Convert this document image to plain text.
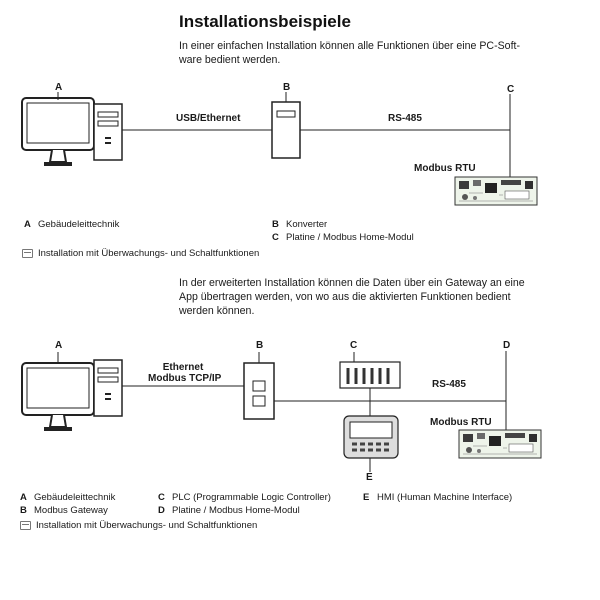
Installationsbeispiele
In einer einfachen Installation können alle Funktionen über eine PC-Soft-
ware bedient werden.
A	B	C
USB/Ethernet	RS-485
Modbus RTU
A Gebäudeleittechnik	B Konverter
C Platine / Modbus Home-Modul
Installation mit Überwachungs- und Schaltfunktionen
In der erweiterten Installation können die Daten über ein Gateway an eine
App übertragen werden, von wo aus die aktivierten Funktionen bedient
werden können.
A	B	C	D
E
Ethernet
Modbus TCP/IP
RS-485
Modbus RTU
A Gebäudeleittechnik
B Modbus Gateway
C PLC (Programmable Logic Controller)
D Platine / Modbus Home-Modul
E HMI (Human Machine Interface)
Installation mit Überwachungs- und Schaltfunktionen
